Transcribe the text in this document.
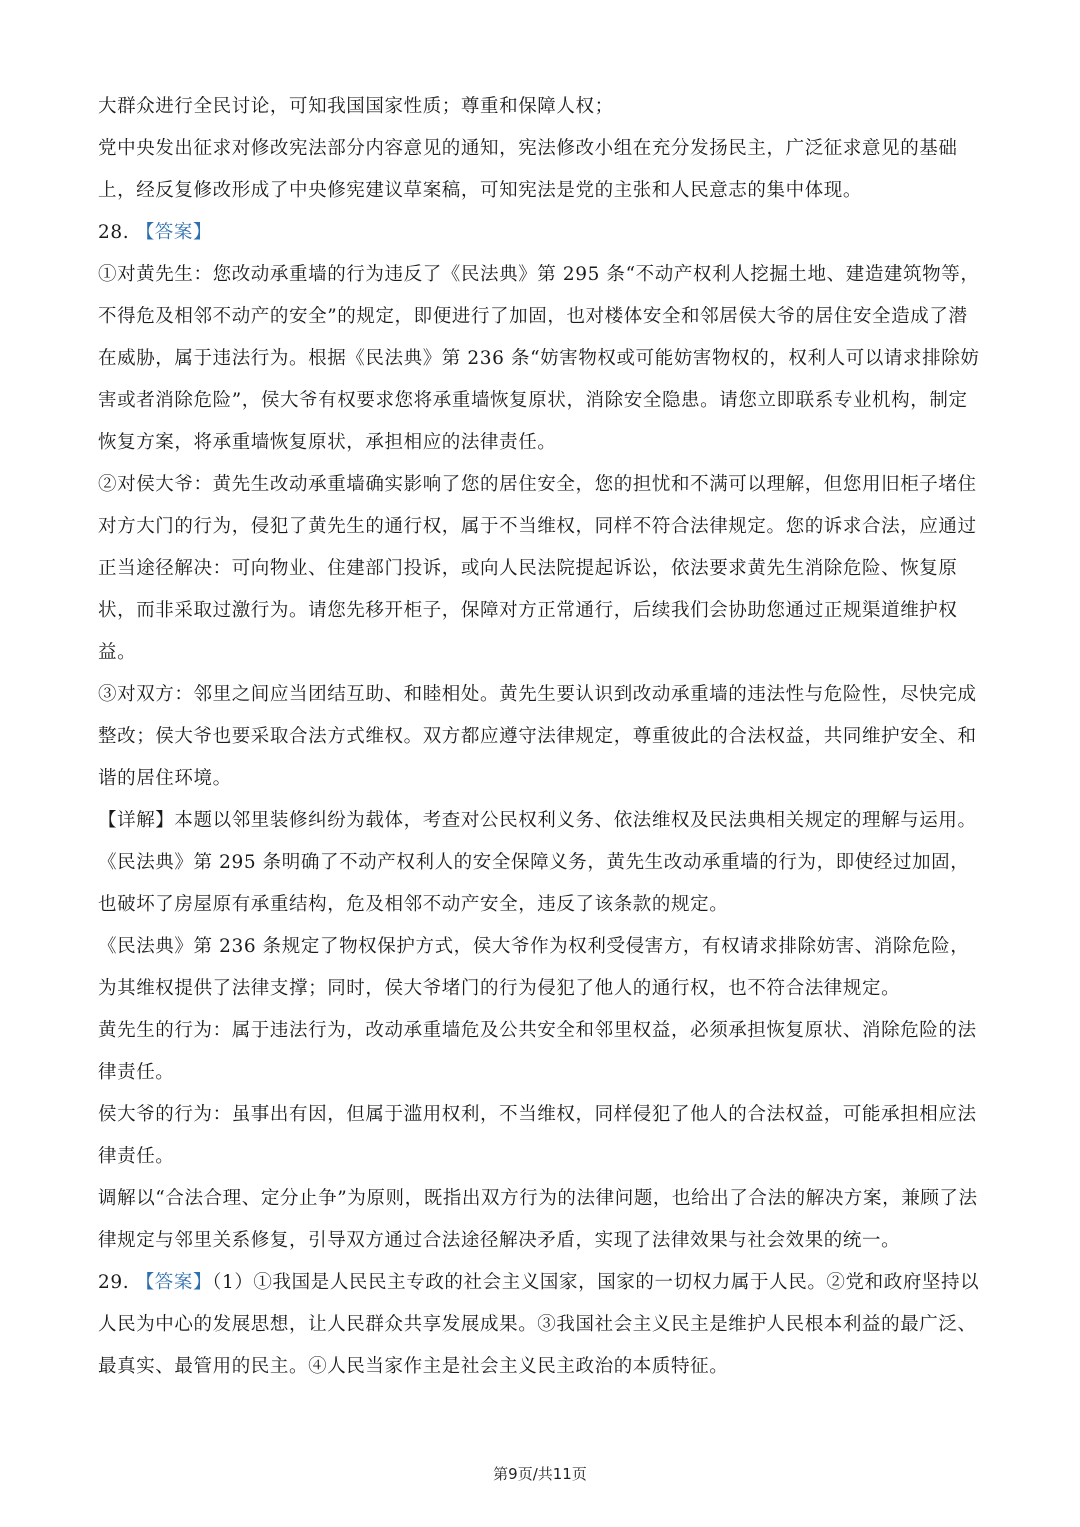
大群众进行全民讨论，可知我国国家性质；尊重和保障人权；

党中央发出征求对修改宪法部分内容意见的通知，宪法修改小组在充分发扬民主，广泛征求意见的基础上，经反复修改形成了中央修宪建议草案稿，可知宪法是党的主张和人民意志的集中体现。

28. 【答案】

①对黄先生：您改动承重墙的行为违反了《民法典》第 295 条“不动产权利人挖掘土地、建造建筑物等，不得危及相邻不动产的安全”的规定，即便进行了加固，也对楼体安全和邻居侯大爷的居住安全造成了潜在威胁，属于违法行为。根据《民法典》第 236 条“妨害物权或可能妨害物权的，权利人可以请求排除妨害或者消除危险”，侯大爷有权要求您将承重墙恢复原状，消除安全隐患。请您立即联系专业机构，制定恢复方案，将承重墙恢复原状，承担相应的法律责任。

②对侯大爷：黄先生改动承重墙确实影响了您的居住安全，您的担忧和不满可以理解，但您用旧柜子堵住对方大门的行为，侵犯了黄先生的通行权，属于不当维权，同样不符合法律规定。您的诉求合法，应通过正当途径解决：可向物业、住建部门投诉，或向人民法院提起诉讼，依法要求黄先生消除危险、恢复原状，而非采取过激行为。请您先移开柜子，保障对方正常通行，后续我们会协助您通过正规渠道维护权益。

③对双方：邻里之间应当团结互助、和睦相处。黄先生要认识到改动承重墙的违法性与危险性，尽快完成整改；侯大爷也要采取合法方式维权。双方都应遵守法律规定，尊重彼此的合法权益，共同维护安全、和谐的居住环境。

【详解】本题以邻里装修纠纷为载体，考查对公民权利义务、依法维权及民法典相关规定的理解与运用。

《民法典》第 295 条明确了不动产权利人的安全保障义务，黄先生改动承重墙的行为，即使经过加固，也破坏了房屋原有承重结构，危及相邻不动产安全，违反了该条款的规定。

《民法典》第 236 条规定了物权保护方式，侯大爷作为权利受侵害方，有权请求排除妨害、消除危险，为其维权提供了法律支撑；同时，侯大爷堵门的行为侵犯了他人的通行权，也不符合法律规定。

黄先生的行为：属于违法行为，改动承重墙危及公共安全和邻里权益，必须承担恢复原状、消除危险的法律责任。

侯大爷的行为：虽事出有因，但属于滥用权利，不当维权，同样侵犯了他人的合法权益，可能承担相应法律责任。

调解以“合法合理、定分止争”为原则，既指出双方行为的法律问题，也给出了合法的解决方案，兼顾了法律规定与邻里关系修复，引导双方通过合法途径解决矛盾，实现了法律效果与社会效果的统一。

29. 【答案】（1）①我国是人民民主专政的社会主义国家，国家的一切权力属于人民。②党和政府坚持以人民为中心的发展思想，让人民群众共享发展成果。③我国社会主义民主是维护人民根本利益的最广泛、最真实、最管用的民主。④人民当家作主是社会主义民主政治的本质特征。

第9页/共11页
